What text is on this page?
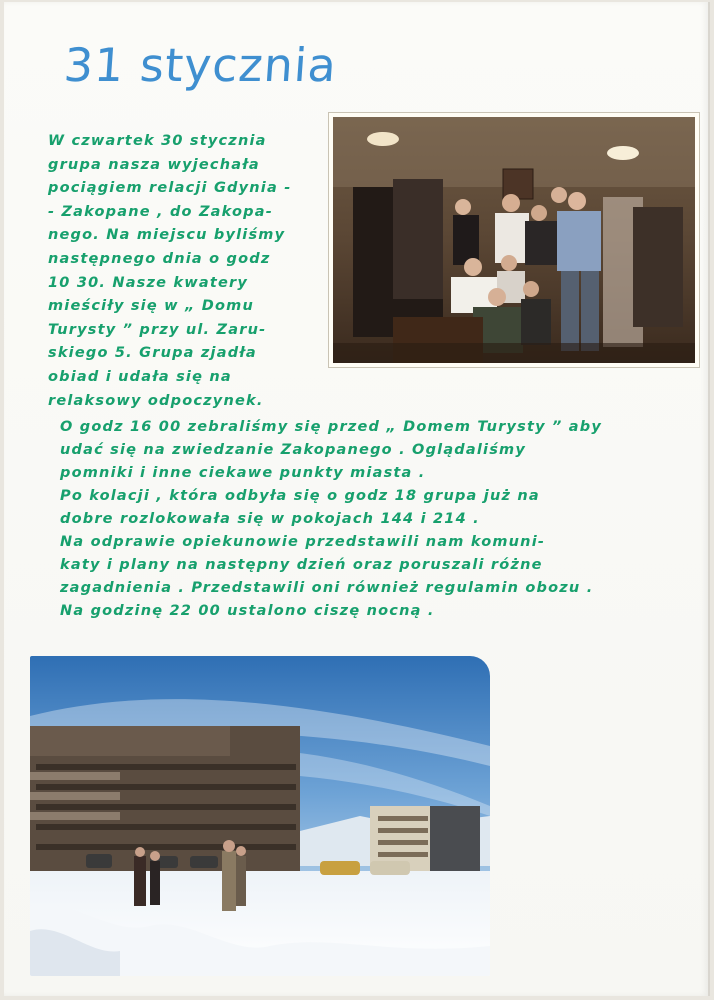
31 stycznia
W czwartek 30 stycznia
grupa nasza wyjechała
pociągiem relacji Gdynia -
- Zakopane , do Zakopa-
nego. Na miejscu byliśmy
następnego dnia o godz
10 30. Nasze kwatery
mieściły się w „ Domu
Turysty ” przy ul. Zaru-
skiego 5. Grupa zjadła
obiad i udała się na
relaksowy odpoczynek.
O godz 16 00 zebraliśmy się przed „ Domem Turysty ” aby
udać się na zwiedzanie Zakopanego . Oglądaliśmy
pomniki i inne ciekawe punkty miasta .
Po kolacji , która odbyła się o godz 18 grupa już na
dobre rozlokowała się w pokojach 144 i 214 .
Na odprawie opiekunowie przedstawili nam komuni-
katy i plany na następny dzień oraz poruszali różne
zagadnienia . Przedstawili oni również regulamin obozu .
Na godzinę 22 00 ustalono ciszę nocną .
